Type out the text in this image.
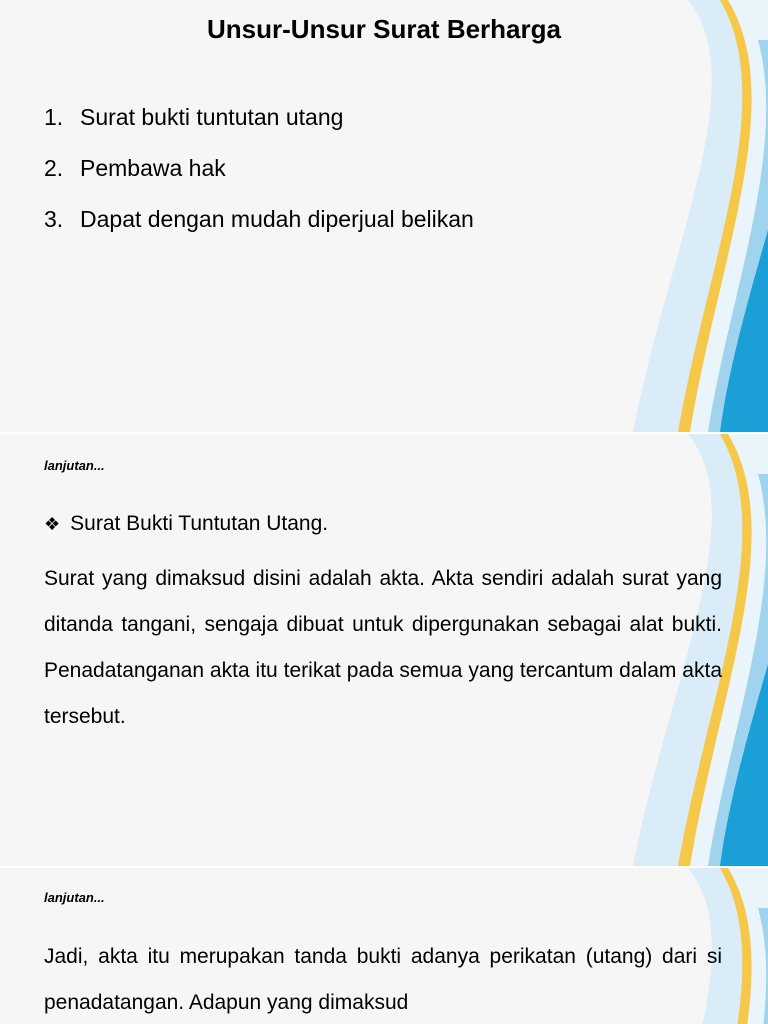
Unsur-Unsur Surat Berharga
1. Surat bukti tuntutan utang
2. Pembawa hak
3. Dapat dengan mudah diperjual belikan
lanjutan...
❖ Surat Bukti Tuntutan Utang.

Surat yang dimaksud disini adalah akta. Akta sendiri adalah surat yang ditanda tangani, sengaja dibuat untuk dipergunakan sebagai alat bukti. Penadatanganan akta itu terikat pada semua yang tercantum dalam akta tersebut.

lanjutan...

Jadi, akta itu merupakan tanda bukti adanya perikatan (utang) dari si penadatangan. Adapun yang dimaksud
